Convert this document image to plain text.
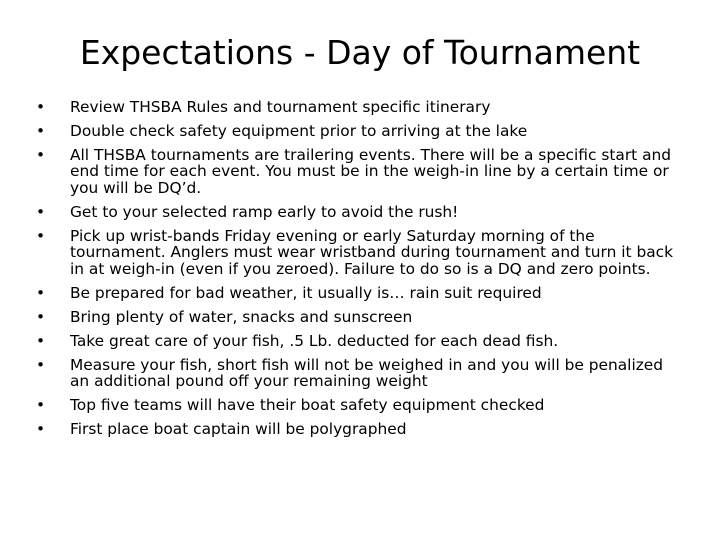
Expectations - Day of Tournament
•	Review THSBA Rules and tournament specific itinerary
•	Double check safety equipment prior to arriving at the lake
•	All THSBA tournaments are trailering events. There will be a specific start and end time for each event. You must be in the weigh-in line by a certain time or you will be DQ’d.
•	Get to your selected ramp early to avoid the rush!
•	Pick up wrist-bands Friday evening or early Saturday morning of the tournament. Anglers must wear wristband during tournament and turn it back in at weigh-in (even if you zeroed). Failure to do so is a DQ and zero points.
•	Be prepared for bad weather, it usually is… rain suit required
•	Bring plenty of water, snacks and sunscreen
•	Take great care of your fish, .5 Lb. deducted for each dead fish.
•	Measure your fish, short fish will not be weighed in and you will be penalized an additional pound off your remaining weight
•	Top five teams will have their boat safety equipment checked
•	First place boat captain will be polygraphed
